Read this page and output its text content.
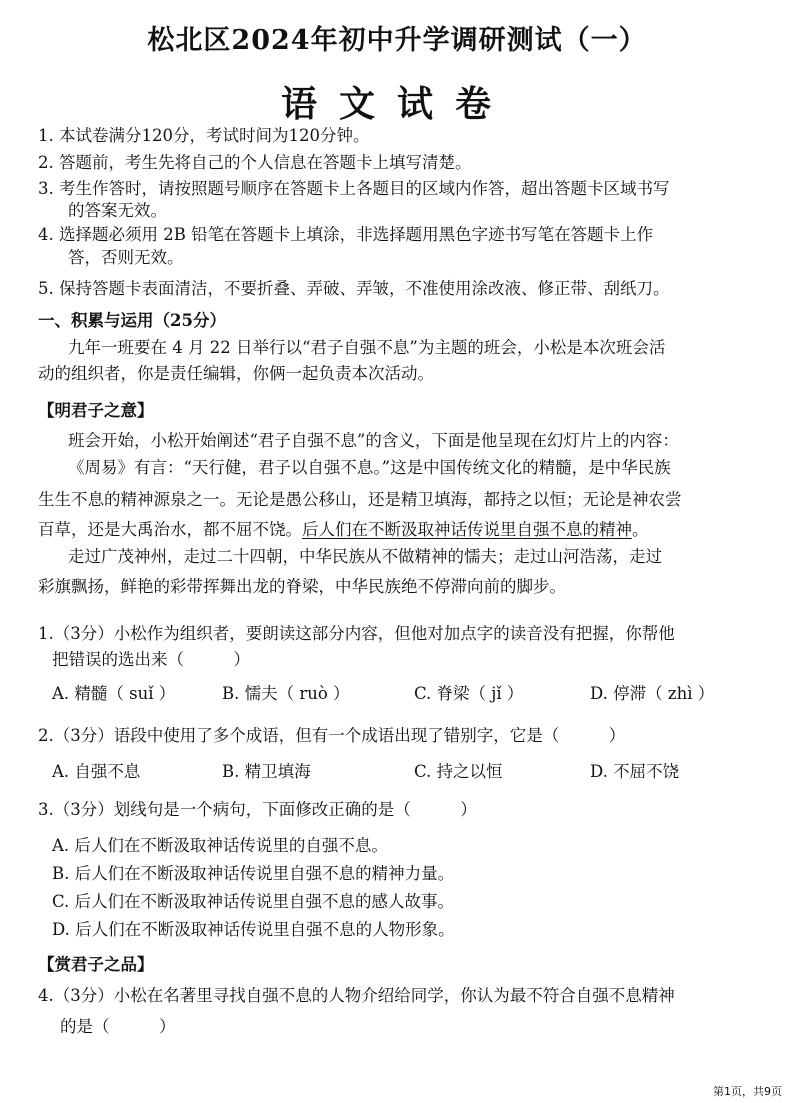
松北区2024年初中升学调研测试（一）
语文试卷
1. 本试卷满分120分，考试时间为120分钟。
2. 答题前，考生先将自己的个人信息在答题卡上填写清楚。
3. 考生作答时，请按照题号顺序在答题卡上各题目的区域内作答，超出答题卡区域书写
的答案无效。
4. 选择题必须用 2B 铅笔在答题卡上填涂，非选择题用黑色字迹书写笔在答题卡上作
答，否则无效。
5. 保持答题卡表面清洁，不要折叠、弄破、弄皱，不准使用涂改液、修正带、刮纸刀。
一、积累与运用（25分）
九年一班要在 4 月 22 日举行以“君子自强不息”为主题的班会，小松是本次班会活
动的组织者，你是责任编辑，你俩一起负责本次活动。
【明君子之意】
班会开始，小松开始阐述“君子自强不息”的含义，下面是他呈现在幻灯片上的内容：
《周易》有言：“天行健，君子以自强不息。”这是中国传统文化的精髓，是中华民族
生生不息的精神源泉之一。无论是愚公移山，还是精卫填海，都持之以恒；无论是神农尝
百草，还是大禹治水，都不屈不饶。后人们在不断汲取神话传说里自强不息的精神。
走过广茂神州，走过二十四朝，中华民族从不做精神的懦夫；走过山河浩荡，走过
彩旗飘扬，鲜艳的彩带挥舞出龙的脊梁，中华民族绝不停滞向前的脚步。
1.（3分）小松作为组织者，要朗读这部分内容，但他对加点字的读音没有把握，你帮他
把错误的选出来（　　　）
A. 精髓（ suǐ ）	B. 懦夫（ ruò ）	C. 脊梁（ jǐ ）	D. 停滞（ zhì ）
2.（3分）语段中使用了多个成语，但有一个成语出现了错别字，它是（　　　）
A. 自强不息	B. 精卫填海	C. 持之以恒	D. 不屈不饶
3.（3分）划线句是一个病句，下面修改正确的是（　　　）
A. 后人们在不断汲取神话传说里的自强不息。
B. 后人们在不断汲取神话传说里自强不息的精神力量。
C. 后人们在不断汲取神话传说里自强不息的感人故事。
D. 后人们在不断汲取神话传说里自强不息的人物形象。
【赏君子之品】
4.（3分）小松在名著里寻找自强不息的人物介绍给同学，你认为最不符合自强不息精神
的是（　　　）
第1页，共9页
